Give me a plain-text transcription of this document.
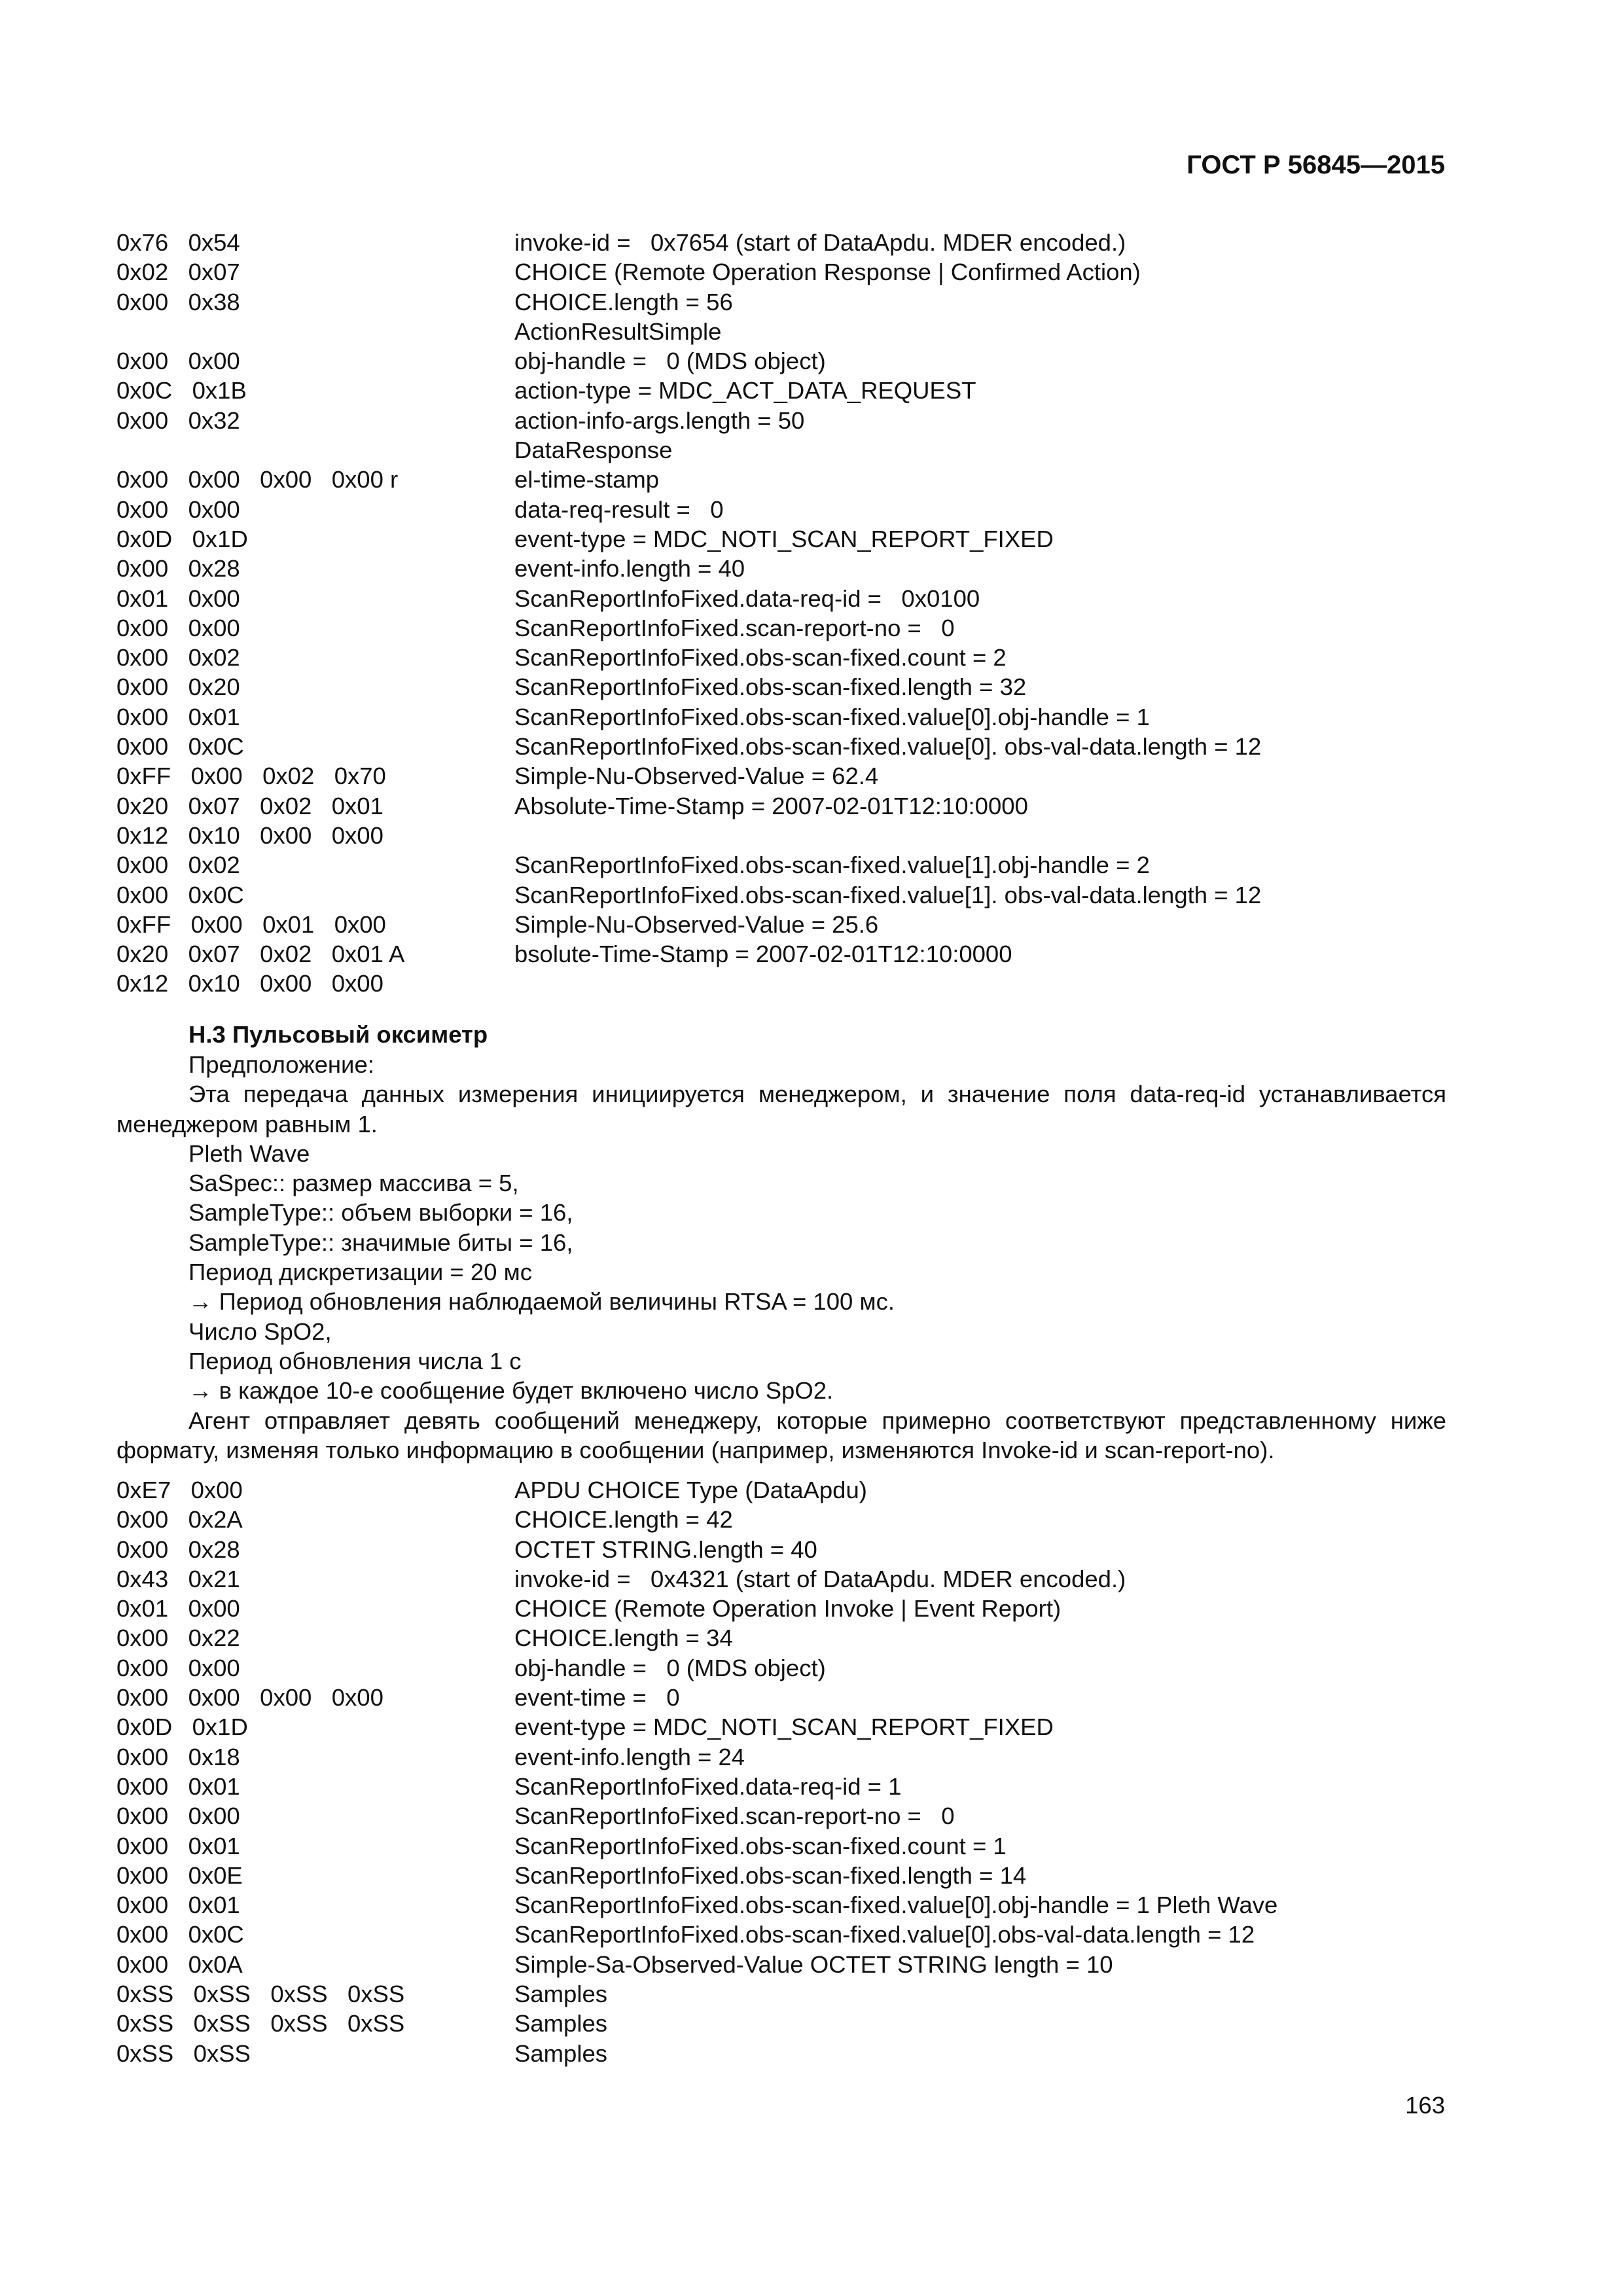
ГОСТ Р 56845—2015
0x76   0x54	invoke-id =   0x7654 (start of DataApdu. MDER encoded.)
0x02   0x07	CHOICE (Remote Operation Response | Confirmed Action)
0x00   0x38	CHOICE.length = 56
ActionResultSimple
0x00   0x00	obj-handle =   0 (MDS object)
0x0C   0x1B	action-type = MDC_ACT_DATA_REQUEST
0x00   0x32	action-info-args.length = 50
DataResponse
0x00   0x00   0x00   0x00 r	el-time-stamp
0x00   0x00	data-req-result =   0
0x0D   0x1D	event-type = MDC_NOTI_SCAN_REPORT_FIXED
0x00   0x28	event-info.length = 40
0x01   0x00	ScanReportInfoFixed.data-req-id =   0x0100
0x00   0x00	ScanReportInfoFixed.scan-report-no =   0
0x00   0x02	ScanReportInfoFixed.obs-scan-fixed.count = 2
0x00   0x20	ScanReportInfoFixed.obs-scan-fixed.length = 32
0x00   0x01	ScanReportInfoFixed.obs-scan-fixed.value[0].obj-handle = 1
0x00   0x0C	ScanReportInfoFixed.obs-scan-fixed.value[0]. obs-val-data.length = 12
0xFF   0x00   0x02   0x70	Simple-Nu-Observed-Value = 62.4
0x20   0x07   0x02   0x01	Absolute-Time-Stamp = 2007-02-01T12:10:0000
0x12   0x10   0x00   0x00
0x00   0x02	ScanReportInfoFixed.obs-scan-fixed.value[1].obj-handle = 2
0x00   0x0C	ScanReportInfoFixed.obs-scan-fixed.value[1]. obs-val-data.length = 12
0xFF   0x00   0x01   0x00	Simple-Nu-Observed-Value = 25.6
0x20   0x07   0x02   0x01 A	bsolute-Time-Stamp = 2007-02-01T12:10:0000
0x12   0x10   0x00   0x00
Н.3 Пульсовый оксиметр
Предположение:
Эта передача данных измерения инициируется менеджером, и значение поля data-req-id устанавливается
менеджером равным 1.
Pleth Wave
SaSpec:: размер массива = 5,
SampleType:: объем выборки = 16,
SampleType:: значимые биты = 16,
Период дискретизации = 20 мс
→ Период обновления наблюдаемой величины RTSA = 100 мс.
Число SpO2,
Период обновления числа 1 с
→ в каждое 10-е сообщение будет включено число SpO2.
Агент отправляет девять сообщений менеджеру, которые примерно соответствуют представленному ниже
формату, изменяя только информацию в сообщении (например, изменяются Invoke-id и scan-report-no).
0xE7   0x00	APDU CHOICE Type (DataApdu)
0x00   0x2A	CHOICE.length = 42
0x00   0x28	OCTET STRING.length = 40
0x43   0x21	invoke-id =   0x4321 (start of DataApdu. MDER encoded.)
0x01   0x00	CHOICE (Remote Operation Invoke | Event Report)
0x00   0x22	CHOICE.length = 34
0x00   0x00	obj-handle =   0 (MDS object)
0x00   0x00   0x00   0x00	event-time =   0
0x0D   0x1D	event-type = MDC_NOTI_SCAN_REPORT_FIXED
0x00   0x18	event-info.length = 24
0x00   0x01	ScanReportInfoFixed.data-req-id = 1
0x00   0x00	ScanReportInfoFixed.scan-report-no =   0
0x00   0x01	ScanReportInfoFixed.obs-scan-fixed.count = 1
0x00   0x0E	ScanReportInfoFixed.obs-scan-fixed.length = 14
0x00   0x01	ScanReportInfoFixed.obs-scan-fixed.value[0].obj-handle = 1 Pleth Wave
0x00   0x0C	ScanReportInfoFixed.obs-scan-fixed.value[0].obs-val-data.length = 12
0x00   0x0A	Simple-Sa-Observed-Value OCTET STRING length = 10
0xSS   0xSS   0xSS   0xSS	Samples
0xSS   0xSS   0xSS   0xSS	Samples
0xSS   0xSS	Samples
163
